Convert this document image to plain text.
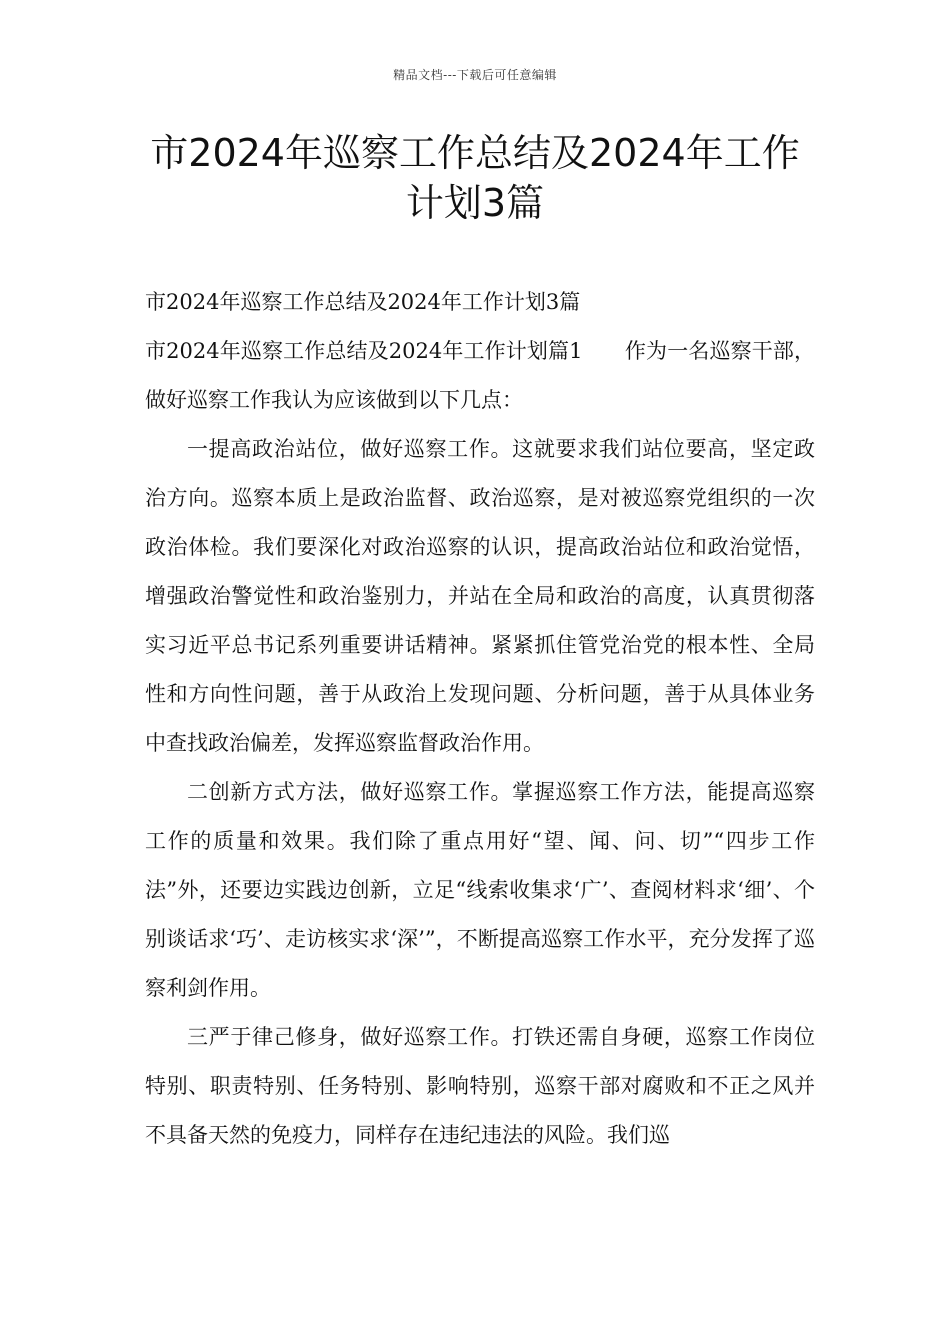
精品文档---下载后可任意编辑
市2024年巡察工作总结及2024年工作
计划3篇

市2024年巡察工作总结及2024年工作计划3篇

市2024年巡察工作总结及2024年工作计划篇1　　作为一名巡察干部，做好巡察工作我认为应该做到以下几点：

一提高政治站位，做好巡察工作。这就要求我们站位要高，坚定政治方向。巡察本质上是政治监督、政治巡察，是对被巡察党组织的一次政治体检。我们要深化对政治巡察的认识，提高政治站位和政治觉悟，增强政治警觉性和政治鉴别力，并站在全局和政治的高度，认真贯彻落实习近平总书记系列重要讲话精神。紧紧抓住管党治党的根本性、全局性和方向性问题，善于从政治上发现问题、分析问题，善于从具体业务中查找政治偏差，发挥巡察监督政治作用。

二创新方式方法，做好巡察工作。掌握巡察工作方法，能提高巡察工作的质量和效果。我们除了重点用好“望、闻、问、切”“四步工作法”外，还要边实践边创新，立足“线索收集求‘广’、查阅材料求‘细’、个别谈话求‘巧’、走访核实求‘深’”，不断提高巡察工作水平，充分发挥了巡察利剑作用。

三严于律己修身，做好巡察工作。打铁还需自身硬，巡察工作岗位特别、职责特别、任务特别、影响特别，巡察干部对腐败和不正之风并不具备天然的免疫力，同样存在违纪违法的风险。我们巡
